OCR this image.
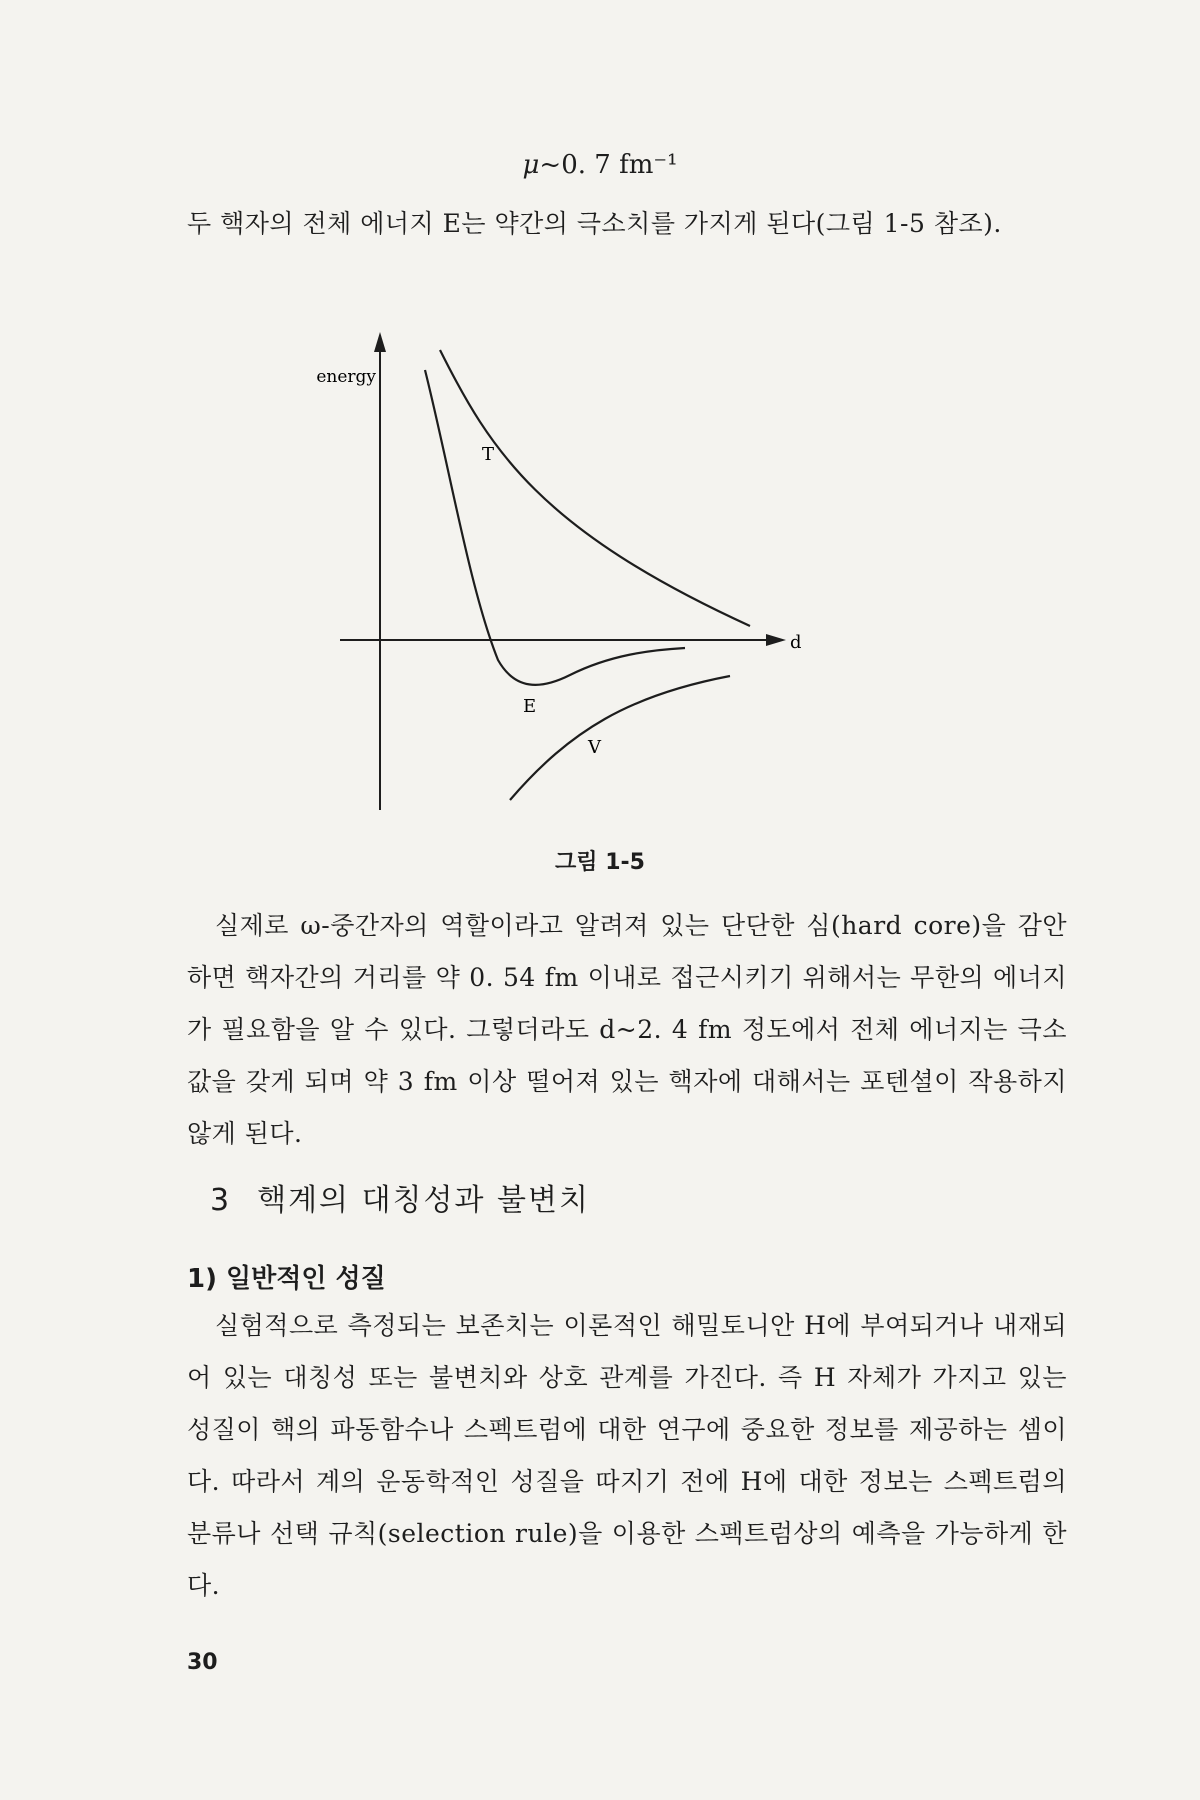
μ~0. 7 fm⁻¹

두 핵자의 전체 에너지 E는 약간의 극소치를 가지게 된다(그림 1-5 참조).

energy
d
T
E
V
그림 1-5

실제로 ω-중간자의 역할이라고 알려져 있는 단단한 심(hard core)을 감안하면 핵자간의 거리를 약 0. 54 fm 이내로 접근시키기 위해서는 무한의 에너지가 필요함을 알 수 있다. 그렇더라도 d~2. 4 fm 정도에서 전체 에너지는 극소값을 갖게 되며 약 3 fm 이상 떨어져 있는 핵자에 대해서는 포텐셜이 작용하지 않게 된다.

3 핵계의 대칭성과 불변치
1) 일반적인 성질

실험적으로 측정되는 보존치는 이론적인 해밀토니안 H에 부여되거나 내재되어 있는 대칭성 또는 불변치와 상호 관계를 가진다. 즉 H 자체가 가지고 있는 성질이 핵의 파동함수나 스펙트럼에 대한 연구에 중요한 정보를 제공하는 셈이다. 따라서 계의 운동학적인 성질을 따지기 전에 H에 대한 정보는 스펙트럼의 분류나 선택 규칙(selection rule)을 이용한 스펙트럼상의 예측을 가능하게 한다.

30
